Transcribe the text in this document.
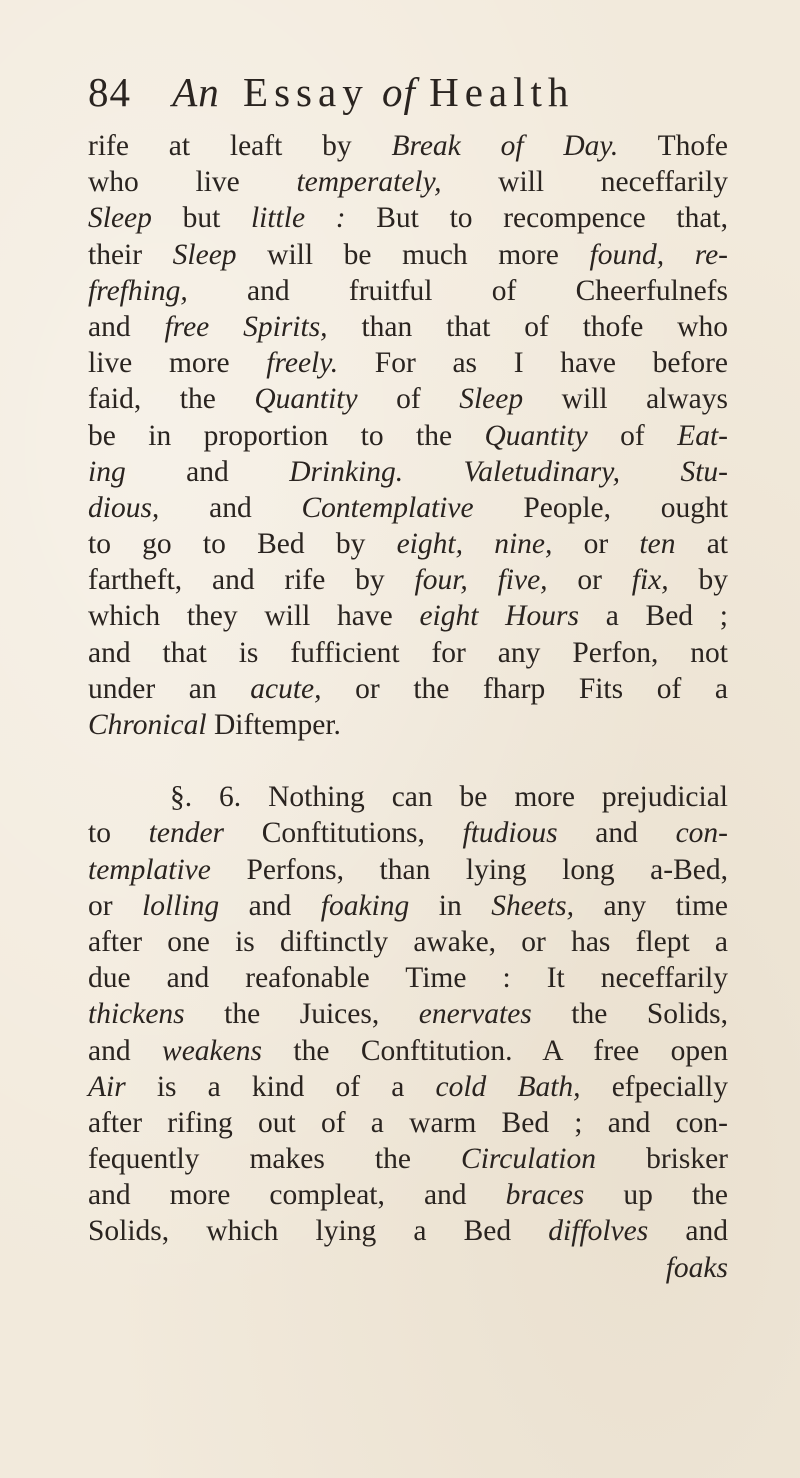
84 An Essay of Health
rife at leaft by Break of Day. Thofe
who live temperately, will neceffarily
Sleep but little : But to recompence that,
their Sleep will be much more found, re-
frefhing, and fruitful of Cheerfulnefs
and free Spirits, than that of thofe who
live more freely. For as I have before
faid, the Quantity of Sleep will always
be in proportion to the Quantity of Eat-
ing and Drinking. Valetudinary, Stu-
dious, and Contemplative People, ought
to go to Bed by eight, nine, or ten at
fartheft, and rife by four, five, or fix, by
which they will have eight Hours a Bed ;
and that is fufficient for any Perfon, not
under an acute, or the fharp Fits of a
Chronical Diftemper.
§. 6. Nothing can be more prejudicial
to tender Conftitutions, ftudious and con-
templative Perfons, than lying long a-Bed,
or lolling and foaking in Sheets, any time
after one is diftinctly awake, or has flept a
due and reafonable Time : It neceffarily
thickens the Juices, enervates the Solids,
and weakens the Conftitution. A free open
Air is a kind of a cold Bath, efpecially
after rifing out of a warm Bed ; and con-
fequently makes the Circulation brisker
and more compleat, and braces up the
Solids, which lying a Bed diffolves and
foaks
